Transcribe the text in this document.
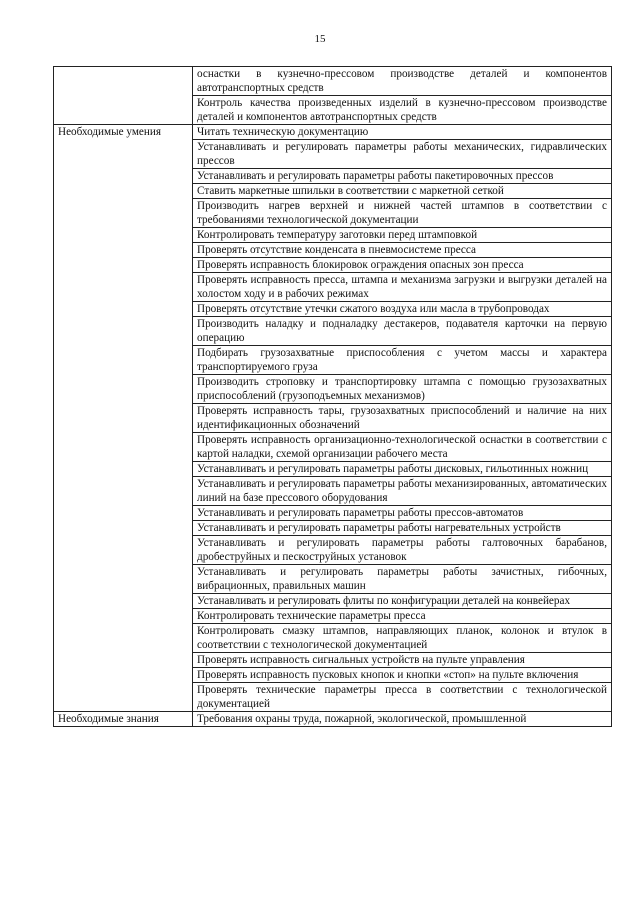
15
	оснастки в кузнечно-прессовом производстве деталей и компонентов автотранспортных средств
	Контроль качества произведенных изделий в кузнечно-прессовом производстве деталей и компонентов автотранспортных средств
Необходимые умения	Читать техническую документацию
	Устанавливать и регулировать параметры работы механических, гидравлических прессов
	Устанавливать и регулировать параметры работы пакетировочных прессов
	Ставить маркетные шпильки в соответствии с маркетной сеткой
	Производить нагрев верхней и нижней частей штампов в соответствии с требованиями технологической документации
	Контролировать температуру заготовки перед штамповкой
	Проверять отсутствие конденсата в пневмосистеме пресса
	Проверять исправность блокировок ограждения опасных зон пресса
	Проверять исправность пресса, штампа и механизма загрузки и выгрузки деталей на холостом ходу и в рабочих режимах
	Проверять отсутствие утечки сжатого воздуха или масла в трубопроводах
	Производить наладку и подналадку дестакеров, подавателя карточки на первую операцию
	Подбирать грузозахватные приспособления с учетом массы и характера транспортируемого груза
	Производить строповку и транспортировку штампа с помощью грузозахватных приспособлений (грузоподъемных механизмов)
	Проверять исправность тары, грузозахватных приспособлений и наличие на них идентификационных обозначений
	Проверять исправность организационно-технологической оснастки в соответствии с картой наладки, схемой организации рабочего места
	Устанавливать и регулировать параметры работы дисковых, гильотинных ножниц
	Устанавливать и регулировать параметры работы механизированных, автоматических линий на базе прессового оборудования
	Устанавливать и регулировать параметры работы прессов-автоматов
	Устанавливать и регулировать параметры работы нагревательных устройств
	Устанавливать и регулировать параметры работы галтовочных барабанов, дробеструйных и пескоструйных установок
	Устанавливать и регулировать параметры работы зачистных, гибочных, вибрационных, правильных машин
	Устанавливать и регулировать флиты по конфигурации деталей на конвейерах
	Контролировать технические параметры пресса
	Контролировать смазку штампов, направляющих планок, колонок и втулок в соответствии с технологической документацией
	Проверять исправность сигнальных устройств на пульте управления
	Проверять исправность пусковых кнопок и кнопки «стоп» на пульте включения
	Проверять технические параметры пресса в соответствии с технологической документацией
Необходимые знания	Требования охраны труда, пожарной, экологической, промышленной
